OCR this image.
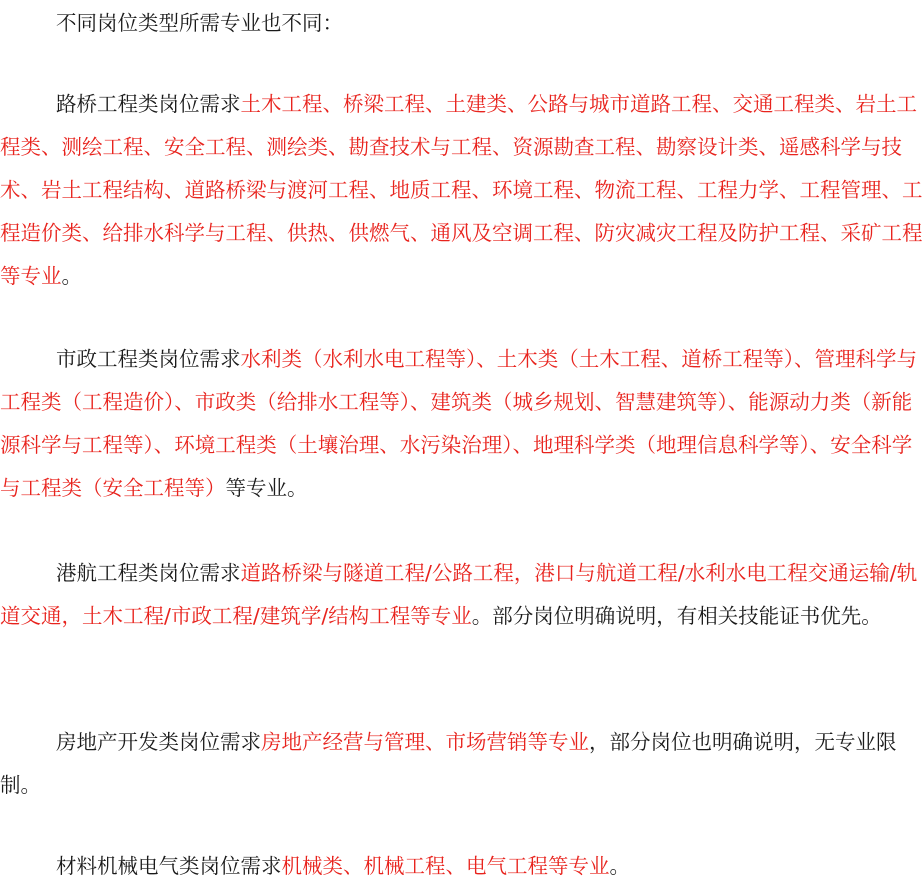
不同岗位类型所需专业也不同：

路桥工程类岗位需求土木工程、桥梁工程、土建类、公路与城市道路工程、交通工程类、岩土工程类、测绘工程、安全工程、测绘类、勘查技术与工程、资源勘查工程、勘察设计类、遥感科学与技术、岩土工程结构、道路桥梁与渡河工程、地质工程、环境工程、物流工程、工程力学、工程管理、工程造价类、给排水科学与工程、供热、供燃气、通风及空调工程、防灾减灾工程及防护工程、采矿工程等专业。

市政工程类岗位需求水利类（水利水电工程等）、土木类（土木工程、道桥工程等）、管理科学与工程类（工程造价）、市政类（给排水工程等）、建筑类（城乡规划、智慧建筑等）、能源动力类（新能源科学与工程等）、环境工程类（土壤治理、水污染治理）、地理科学类（地理信息科学等）、安全科学与工程类（安全工程等）等专业。

港航工程类岗位需求道路桥梁与隧道工程/公路工程，港口与航道工程/水利水电工程交通运输/轨道交通，土木工程/市政工程/建筑学/结构工程等专业。部分岗位明确说明，有相关技能证书优先。

房地产开发类岗位需求房地产经营与管理、市场营销等专业，部分岗位也明确说明，无专业限制。

材料机械电气类岗位需求机械类、机械工程、电气工程等专业。
